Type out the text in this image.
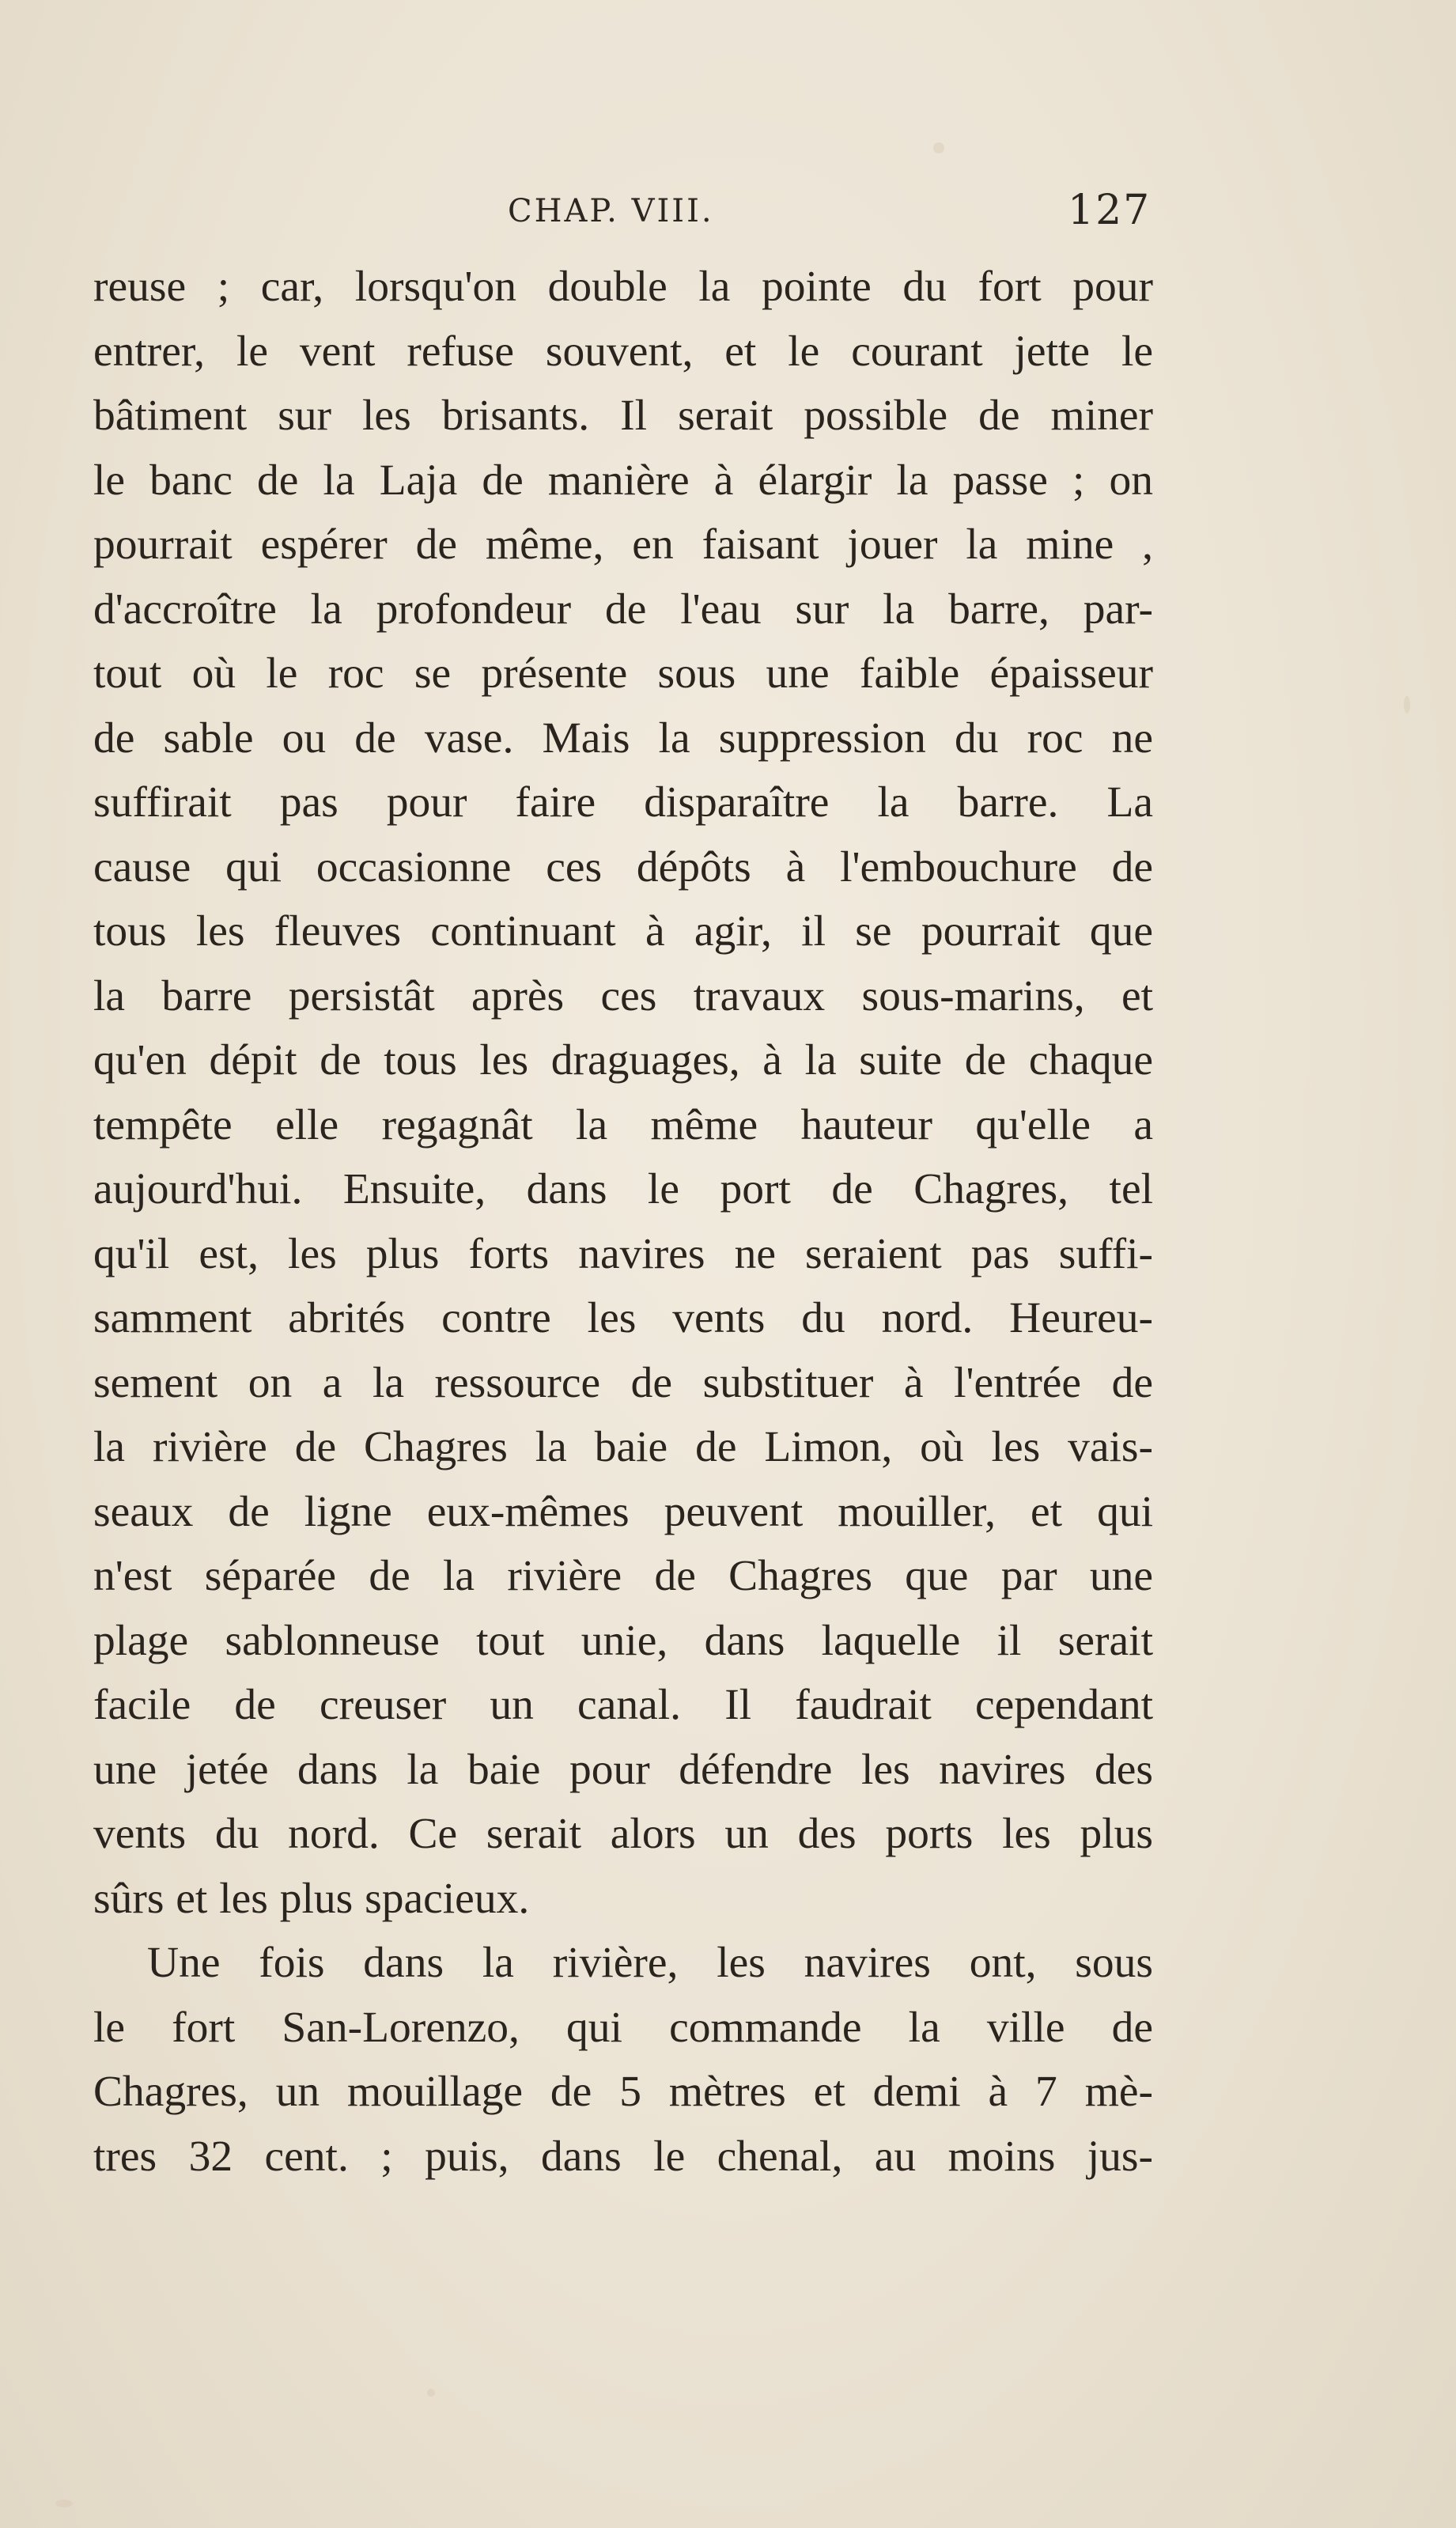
CHAP. VIII.	127
reuse ; car, lorsqu'on double la pointe du fort pour
entrer, le vent refuse souvent, et le courant jette le
bâtiment sur les brisants. Il serait possible de miner
le banc de la Laja de manière à élargir la passe ; on
pourrait espérer de même, en faisant jouer la mine ,
d'accroître la profondeur de l'eau sur la barre, par-
tout où le roc se présente sous une faible épaisseur
de sable ou de vase. Mais la suppression du roc ne
suffirait pas pour faire disparaître la barre. La
cause qui occasionne ces dépôts à l'embouchure de
tous les fleuves continuant à agir, il se pourrait que
la barre persistât après ces travaux sous-marins, et
qu'en dépit de tous les draguages, à la suite de chaque
tempête elle regagnât la même hauteur qu'elle a
aujourd'hui. Ensuite, dans le port de Chagres, tel
qu'il est, les plus forts navires ne seraient pas suffi-
samment abrités contre les vents du nord. Heureu-
sement on a la ressource de substituer à l'entrée de
la rivière de Chagres la baie de Limon, où les vais-
seaux de ligne eux-mêmes peuvent mouiller, et qui
n'est séparée de la rivière de Chagres que par une
plage sablonneuse tout unie, dans laquelle il serait
facile de creuser un canal. Il faudrait cependant
une jetée dans la baie pour défendre les navires des
vents du nord. Ce serait alors un des ports les plus
sûrs et les plus spacieux.
Une fois dans la rivière, les navires ont, sous
le fort San-Lorenzo, qui commande la ville de
Chagres, un mouillage de 5 mètres et demi à 7 mè-
tres 32 cent. ; puis, dans le chenal, au moins jus-
